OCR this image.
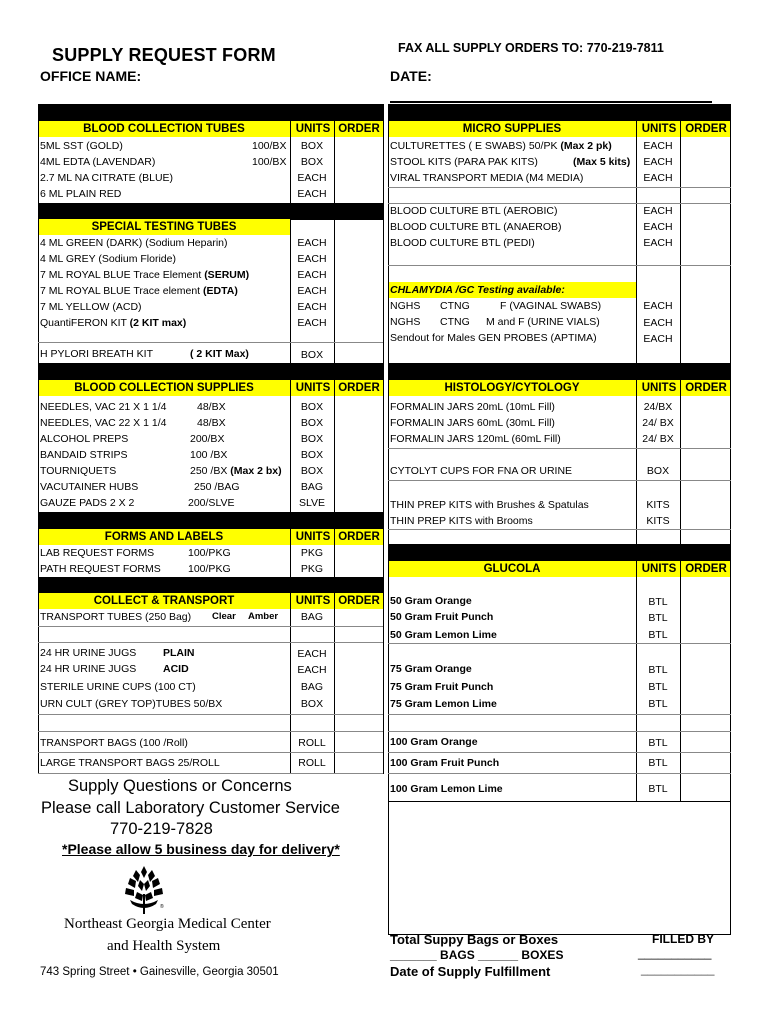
SUPPLY REQUEST FORM	FAX ALL SUPPLY ORDERS TO: 770-219-7811
OFFICE NAME:	DATE:
BLOOD COLLECTION TUBES	UNITS ORDER
5ML SST (GOLD)	100/BX	BOX
4ML EDTA (LAVENDAR)	100/BX	BOX
2.7 ML NA CITRATE (BLUE)	EACH
6 ML PLAIN RED	EACH
SPECIAL TESTING TUBES
4 ML GREEN (DARK) (Sodium Heparin)	EACH
4 ML GREY (Sodium Floride)	EACH
7 ML ROYAL BLUE Trace Element (SERUM)	EACH
7 ML ROYAL BLUE Trace element (EDTA)	EACH
7 ML YELLOW (ACD)	EACH
QuantiFERON KIT (2 KIT max)	EACH
H PYLORI BREATH KIT	( 2 KIT Max)	BOX
BLOOD COLLECTION SUPPLIES	UNITS ORDER
NEEDLES, VAC 21 X 1 1/4	48/BX	BOX
NEEDLES, VAC 22 X 1 1/4	48/BX	BOX
ALCOHOL PREPS	200/BX	BOX
BANDAID STRIPS	100 /BX	BOX
TOURNIQUETS	250 /BX (Max 2 bx)	BOX
VACUTAINER HUBS	250 /BAG	BAG
GAUZE PADS 2 X 2	200/SLVE	SLVE
FORMS AND LABELS	UNITS ORDER
LAB REQUEST FORMS	100/PKG	PKG
PATH REQUEST FORMS	100/PKG	PKG
COLLECT & TRANSPORT	UNITS ORDER
TRANSPORT TUBES (250 Bag) Clear Amber	BAG
24 HR URINE JUGS	PLAIN	EACH
24 HR URINE JUGS	ACID	EACH
STERILE URINE CUPS (100 CT)	BAG
URN CULT (GREY TOP)TUBES 50/BX	BOX
TRANSPORT BAGS (100 /Roll)	ROLL
LARGE TRANSPORT BAGS 25/ROLL	ROLL
MICRO SUPPLIES	UNITS ORDER
CULTURETTES ( E SWABS) 50/PK (Max 2 pk)	EACH
STOOL KITS (PARA PAK KITS)	(Max 5 kits)	EACH
VIRAL TRANSPORT MEDIA (M4 MEDIA)	EACH
BLOOD CULTURE BTL (AEROBIC)	EACH
BLOOD CULTURE BTL (ANAEROB)	EACH
BLOOD CULTURE BTL (PEDI)	EACH
CHLAMYDIA /GC Testing available:
NGHS CTNG	F (VAGINAL SWABS)	EACH
NGHS CTNG M and F (URINE VIALS)	EACH
Sendout for Males GEN PROBES (APTIMA)	EACH
HISTOLOGY/CYTOLOGY	UNITS ORDER
FORMALIN JARS 20mL (10mL Fill)	24/BX
FORMALIN JARS 60mL (30mL Fill)	24/ BX
FORMALIN JARS 120mL (60mL Fill)	24/ BX
CYTOLYT CUPS FOR FNA OR URINE	BOX
THIN PREP KITS with Brushes & Spatulas	KITS
THIN PREP KITS with Brooms	KITS
GLUCOLA	UNITS ORDER
50 Gram Orange	BTL
50 Gram Fruit Punch	BTL
50 Gram Lemon Lime	BTL
75 Gram Orange	BTL
75 Gram Fruit Punch	BTL
75 Gram Lemon Lime	BTL
100 Gram Orange	BTL
100 Gram Fruit Punch	BTL
100 Gram Lemon Lime	BTL
Total Suppy Bags or Boxes	FILLED BY
_______ BAGS ______ BOXES	___________
Date of Supply Fulfillment	___________
Supply Questions or Concerns
Please call Laboratory Customer Service
770-219-7828
*Please allow 5 business day for delivery*
®
Northeast Georgia Medical Center
and Health System
743 Spring Street • Gainesville, Georgia 30501
